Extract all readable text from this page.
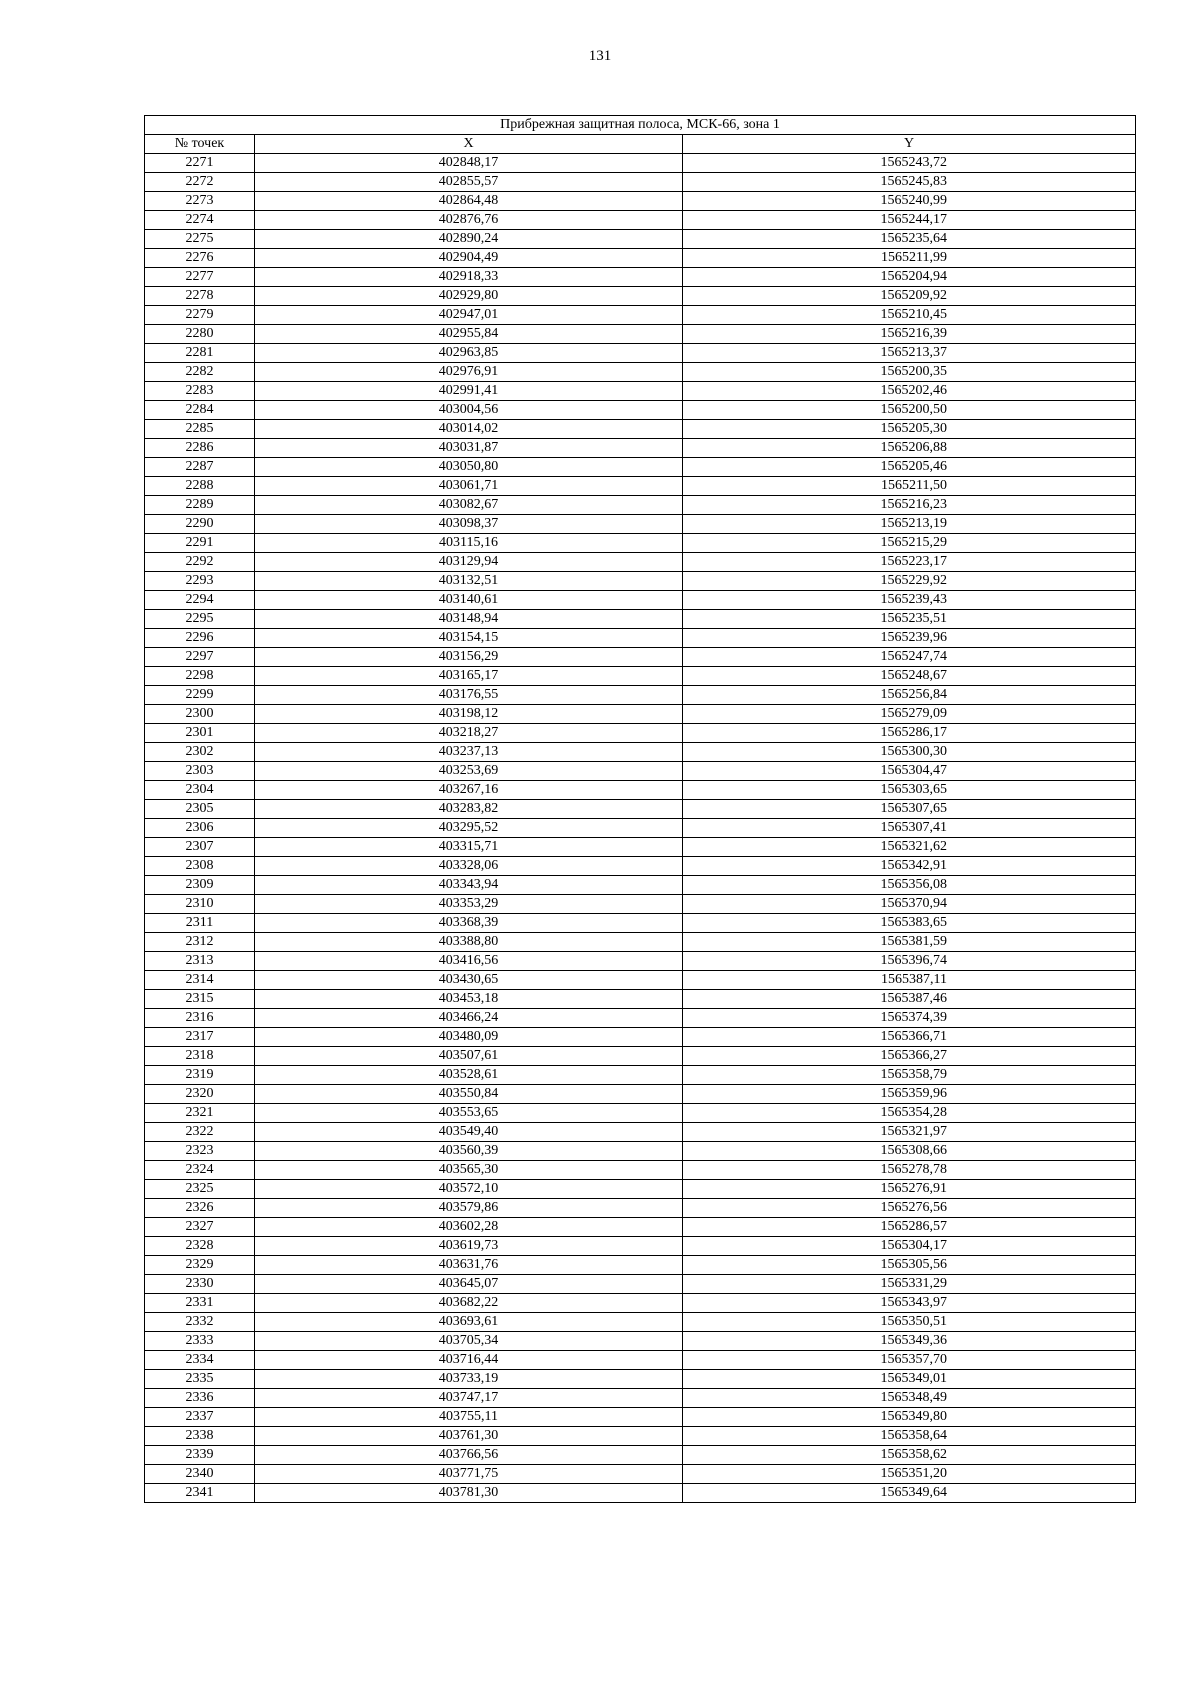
131
Прибрежная защитная полоса, МСК-66, зона 1		
№ точек	X	Y
2271	402848,17	1565243,72
2272	402855,57	1565245,83
2273	402864,48	1565240,99
2274	402876,76	1565244,17
2275	402890,24	1565235,64
2276	402904,49	1565211,99
2277	402918,33	1565204,94
2278	402929,80	1565209,92
2279	402947,01	1565210,45
2280	402955,84	1565216,39
2281	402963,85	1565213,37
2282	402976,91	1565200,35
2283	402991,41	1565202,46
2284	403004,56	1565200,50
2285	403014,02	1565205,30
2286	403031,87	1565206,88
2287	403050,80	1565205,46
2288	403061,71	1565211,50
2289	403082,67	1565216,23
2290	403098,37	1565213,19
2291	403115,16	1565215,29
2292	403129,94	1565223,17
2293	403132,51	1565229,92
2294	403140,61	1565239,43
2295	403148,94	1565235,51
2296	403154,15	1565239,96
2297	403156,29	1565247,74
2298	403165,17	1565248,67
2299	403176,55	1565256,84
2300	403198,12	1565279,09
2301	403218,27	1565286,17
2302	403237,13	1565300,30
2303	403253,69	1565304,47
2304	403267,16	1565303,65
2305	403283,82	1565307,65
2306	403295,52	1565307,41
2307	403315,71	1565321,62
2308	403328,06	1565342,91
2309	403343,94	1565356,08
2310	403353,29	1565370,94
2311	403368,39	1565383,65
2312	403388,80	1565381,59
2313	403416,56	1565396,74
2314	403430,65	1565387,11
2315	403453,18	1565387,46
2316	403466,24	1565374,39
2317	403480,09	1565366,71
2318	403507,61	1565366,27
2319	403528,61	1565358,79
2320	403550,84	1565359,96
2321	403553,65	1565354,28
2322	403549,40	1565321,97
2323	403560,39	1565308,66
2324	403565,30	1565278,78
2325	403572,10	1565276,91
2326	403579,86	1565276,56
2327	403602,28	1565286,57
2328	403619,73	1565304,17
2329	403631,76	1565305,56
2330	403645,07	1565331,29
2331	403682,22	1565343,97
2332	403693,61	1565350,51
2333	403705,34	1565349,36
2334	403716,44	1565357,70
2335	403733,19	1565349,01
2336	403747,17	1565348,49
2337	403755,11	1565349,80
2338	403761,30	1565358,64
2339	403766,56	1565358,62
2340	403771,75	1565351,20
2341	403781,30	1565349,64
